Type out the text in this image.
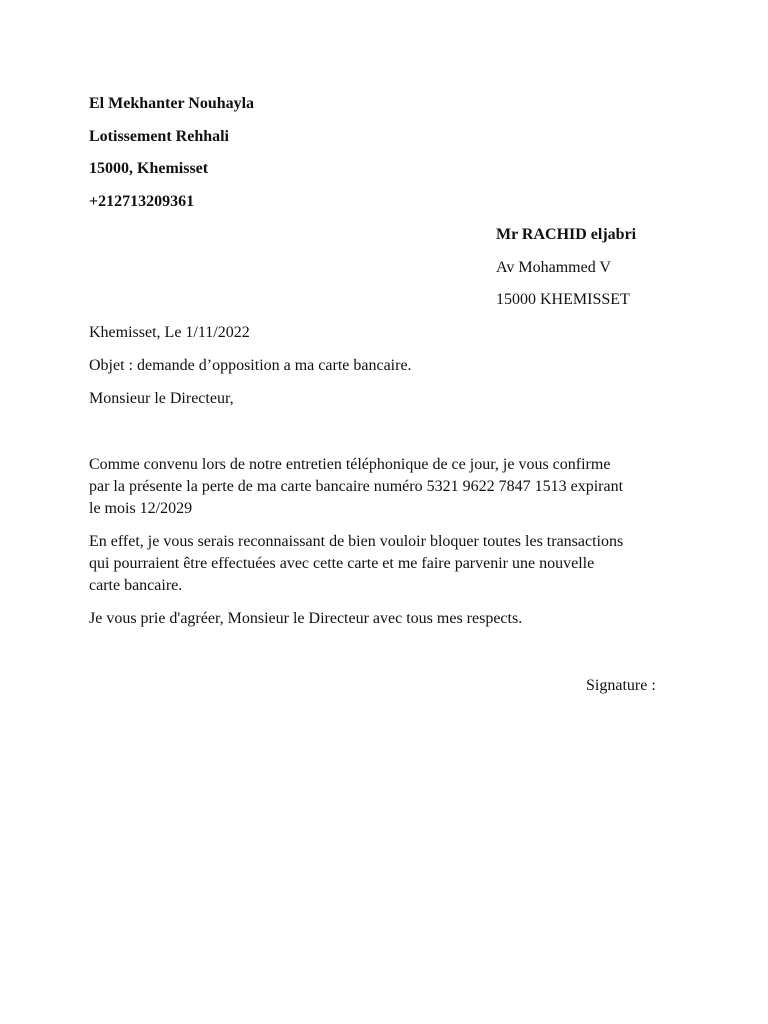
El Mekhanter Nouhayla
Lotissement Rehhali
15000, Khemisset
+212713209361
Mr RACHID eljabri
Av Mohammed V
15000 KHEMISSET
Khemisset, Le 1/11/2022
Objet : demande d’opposition a ma carte bancaire.
Monsieur le Directeur,
Comme convenu lors de notre entretien téléphonique de ce jour, je vous confirme
par la présente la perte de ma carte bancaire numéro 5321 9622 7847 1513 expirant
le mois 12/2029
En effet, je vous serais reconnaissant de bien vouloir bloquer toutes les transactions
qui pourraient être effectuées avec cette carte et me faire parvenir une nouvelle
carte bancaire.
Je vous prie d'agréer, Monsieur le Directeur avec tous mes respects.
Signature :
